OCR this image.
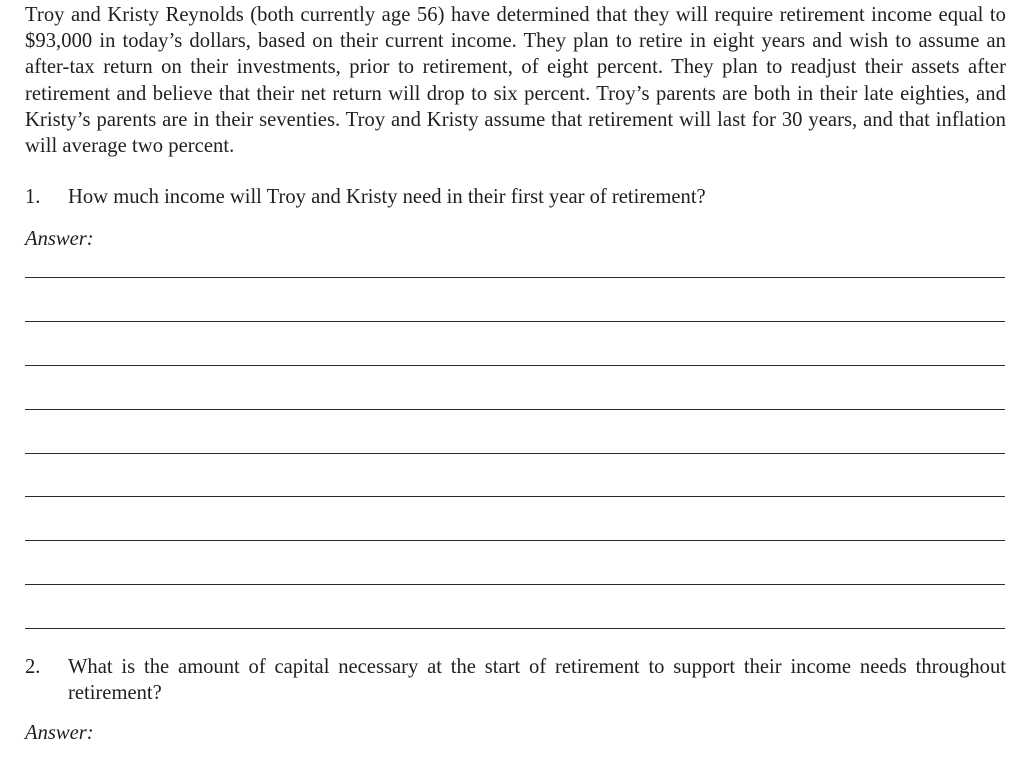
Troy and Kristy Reynolds (both currently age 56) have determined that they will require retirement income equal to $93,000 in today’s dollars, based on their current income. They plan to retire in eight years and wish to assume an after-tax return on their investments, prior to retirement, of eight percent. They plan to readjust their assets after retirement and believe that their net return will drop to six percent. Troy’s parents are both in their late eighties, and Kristy’s parents are in their seventies. Troy and Kristy assume that retirement will last for 30 years, and that inflation will average two percent.

1.	How much income will Troy and Kristy need in their first year of retirement?
Answer:
2.	What is the amount of capital necessary at the start of retirement to support their income needs throughout retirement?
Answer:
